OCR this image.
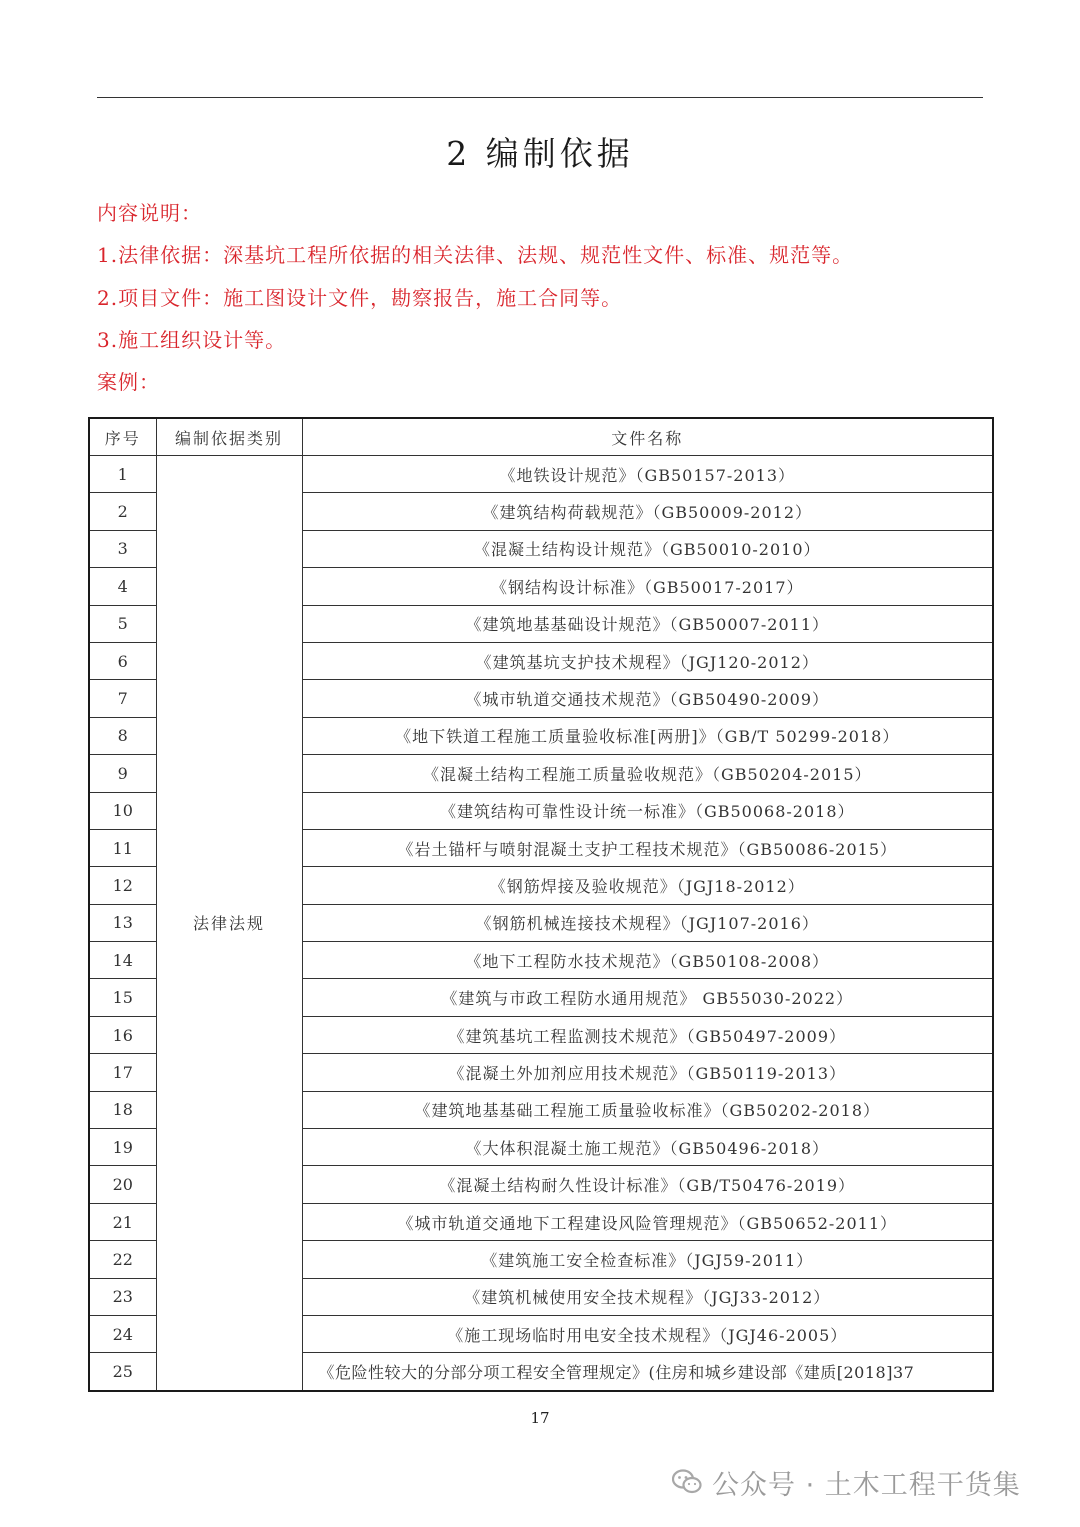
2 编制依据
内容说明：
1.法律依据：深基坑工程所依据的相关法律、法规、规范性文件、标准、规范等。
2.项目文件：施工图设计文件，勘察报告，施工合同等。
3.施工组织设计等。
案例：
序号	编制依据类别	文件名称
1	法律法规	《地铁设计规范》（GB50157-2013）
2		《建筑结构荷载规范》（GB50009-2012）
3		《混凝土结构设计规范》（GB50010-2010）
4		《钢结构设计标准》（GB50017-2017）
5		《建筑地基基础设计规范》（GB50007-2011）
6		《建筑基坑支护技术规程》（JGJ120-2012）
7		《城市轨道交通技术规范》（GB50490-2009）
8		《地下铁道工程施工质量验收标准[两册]》（GB/T 50299-2018）
9		《混凝土结构工程施工质量验收规范》（GB50204-2015）
10		《建筑结构可靠性设计统一标准》（GB50068-2018）
11		《岩土锚杆与喷射混凝土支护工程技术规范》（GB50086-2015）
12		《钢筋焊接及验收规范》（JGJ18-2012）
13		《钢筋机械连接技术规程》（JGJ107-2016）
14		《地下工程防水技术规范》（GB50108-2008）
15		《建筑与市政工程防水通用规范》 GB55030-2022）
16		《建筑基坑工程监测技术规范》（GB50497-2009）
17		《混凝土外加剂应用技术规范》（GB50119-2013）
18		《建筑地基基础工程施工质量验收标准》（GB50202-2018）
19		《大体积混凝土施工规范》（GB50496-2018）
20		《混凝土结构耐久性设计标准》（GB/T50476-2019）
21		《城市轨道交通地下工程建设风险管理规范》（GB50652-2011）
22		《建筑施工安全检查标准》（JGJ59-2011）
23		《建筑机械使用安全技术规程》（JGJ33-2012）
24		《施工现场临时用电安全技术规程》（JGJ46-2005）
25		《危险性较大的分部分项工程安全管理规定》(住房和城乡建设部《建质[2018]37
17
公众号 · 土木工程干货集
